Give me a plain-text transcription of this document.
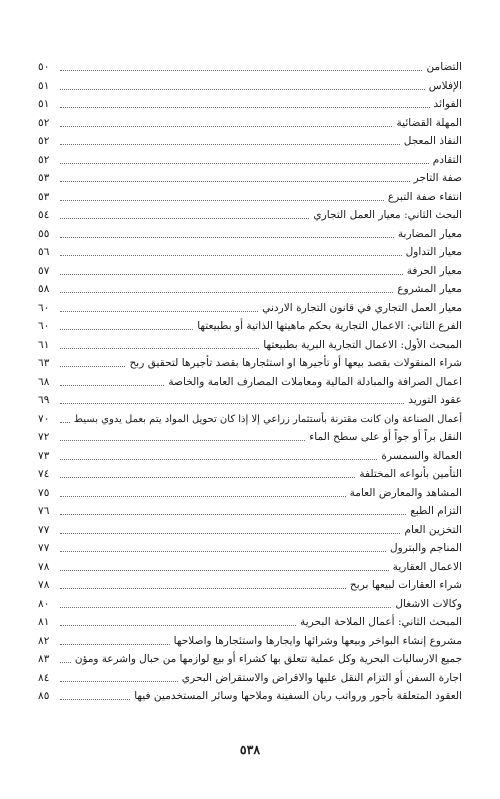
التضامن
٥٠
الإفلاس
٥١
الفوائد
٥١
المهلة القضائية
٥٢
النفاذ المعجل
٥٢
التقادم
٥٢
صفة التاجر
٥٣
انتفاء صفة التبرع
٥٣
البحث الثاني: معيار العمل التجاري
٥٤
معيار المضاربة
٥٥
معيار التداول
٥٦
معيار الحرفة
٥٧
معيار المشروع
٥٨
معيار العمل التجاري في قانون التجارة الاردني
٦٠
الفرع الثاني: الاعمال التجارية بحكم ماهيتها الذاتية أو بطبيعتها
٦٠
المبحث الأول: الاعمال التجارية البرية بطبيعتها
٦١
شراء المنقولات بقصد بيعها أو تأجيرها او استئجارها بقصد تأجيرها لتحقيق ربح
٦٣
اعمال الصرافة والمبادلة المالية ومعاملات المصارف العامة والخاصة
٦٨
عقود التوريد
٦٩
أعمال الصناعة وان كانت مقترنة بأستثمار زراعي إلا إذا كان تحويل المواد يتم بعمل يدوي بسيط
٧٠
النقل براً أو جواً أو على سطح الماء
٧٢
العمالة والسمسرة
٧٣
التأمين بأنواعه المختلفة
٧٤
المشاهد والمعارض العامة
٧٥
التزام الطبع
٧٦
التخزين العام
٧٧
المناجم والبترول
٧٧
الاعمال العقارية
٧٨
شراء العقارات لبيعها بربح
٧٨
وكالات الاشغال
٨٠
المبحث الثاني: أعمال الملاحة البحرية
٨١
مشروع إنشاء البواخر وبيعها وشرائها وايجارها واستئجارها واصلاحها
٨٢
جميع الارساليات البحرية وكل عملية تتعلق بها كشراء أو بيع لوازمها من حبال واشرعة ومؤن
٨٣
اجارة السفن أو التزام النقل عليها والاقراض والاستقراض البحري
٨٤
العقود المتعلقة بأجور ورواتب ربان السفينة وملاحها وسائر المستخدمين فيها
٨٥
٥٣٨
